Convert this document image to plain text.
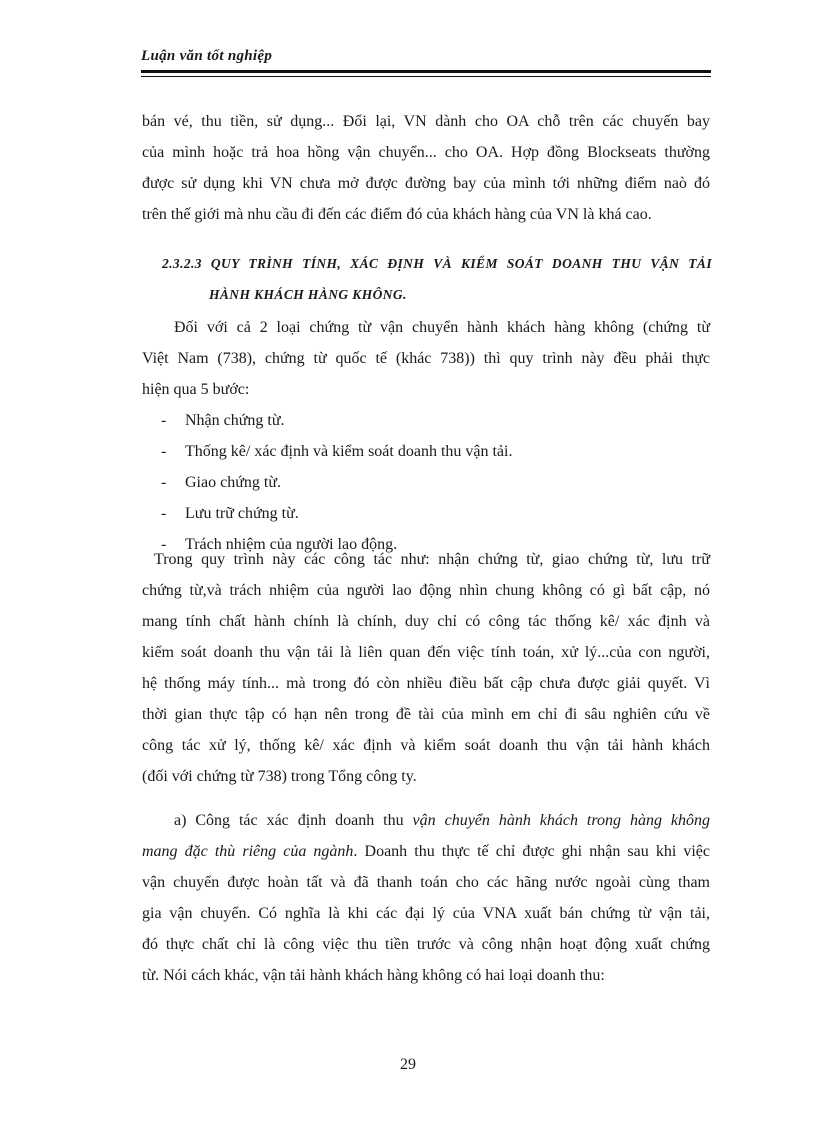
Luận văn tốt nghiệp
bán vé, thu tiền, sử dụng... Đổi lại, VN dành cho OA chỗ trên các chuyến bay
của mình hoặc trả hoa hồng vận chuyển... cho OA. Hợp đồng Blockseats thường
được sử dụng khi VN chưa mở được đường bay của mình tới những điểm naò đó
trên thế giới mà nhu cầu đi đến các điểm đó của khách hàng của VN là khá cao.
2.3.2.3 QUY TRÌNH TÍNH, XÁC ĐỊNH VÀ KIỂM SOÁT DOANH THU VẬN TẢI
HÀNH KHÁCH HÀNG KHÔNG.
Đối với cả 2 loại chứng từ vận chuyển hành khách hàng không (chứng từ
Việt Nam (738), chứng từ quốc tế (khác 738)) thì quy trình này đều phải thực
hiện qua 5 bước:
-	Nhận chứng từ.
-	Thống kê/ xác định và kiểm soát doanh thu vận tải.
-	Giao chứng từ.
-	Lưu trữ chứng từ.
-	Trách nhiệm của người lao động.
Trong quy trình này các công tác như: nhận chứng từ, giao chứng từ, lưu trữ
chứng từ,và trách nhiệm của người lao động nhìn chung không có gì bất cập, nó
mang tính chất hành chính là chính, duy chỉ có công tác thống kê/ xác định và
kiểm soát doanh thu vận tải là liên quan đến việc tính toán, xử lý...của con người,
hệ thống máy tính... mà trong đó còn nhiều điều bất cập chưa được giải quyết. Vì
thời gian thực tập có hạn nên trong đề tài của mình em chỉ đi sâu nghiên cứu về
công tác xử lý, thống kê/ xác định và kiểm soát doanh thu vận tải hành khách
(đối với chứng từ 738) trong Tổng công ty.
a) Công tác xác định doanh thu vận chuyển hành khách trong hàng không
mang đặc thù riêng của ngành. Doanh thu thực tế chỉ được ghi nhận sau khi việc
vận chuyển được hoàn tất và đã thanh toán cho các hãng nước ngoài cùng tham
gia vận chuyển. Có nghĩa là khi các đại lý của VNA xuất bán chứng từ vận tải,
đó thực chất chỉ là công việc thu tiền trước và công nhận hoạt động xuất chứng
từ. Nói cách khác, vận tải hành khách hàng không có hai loại doanh thu:
29
